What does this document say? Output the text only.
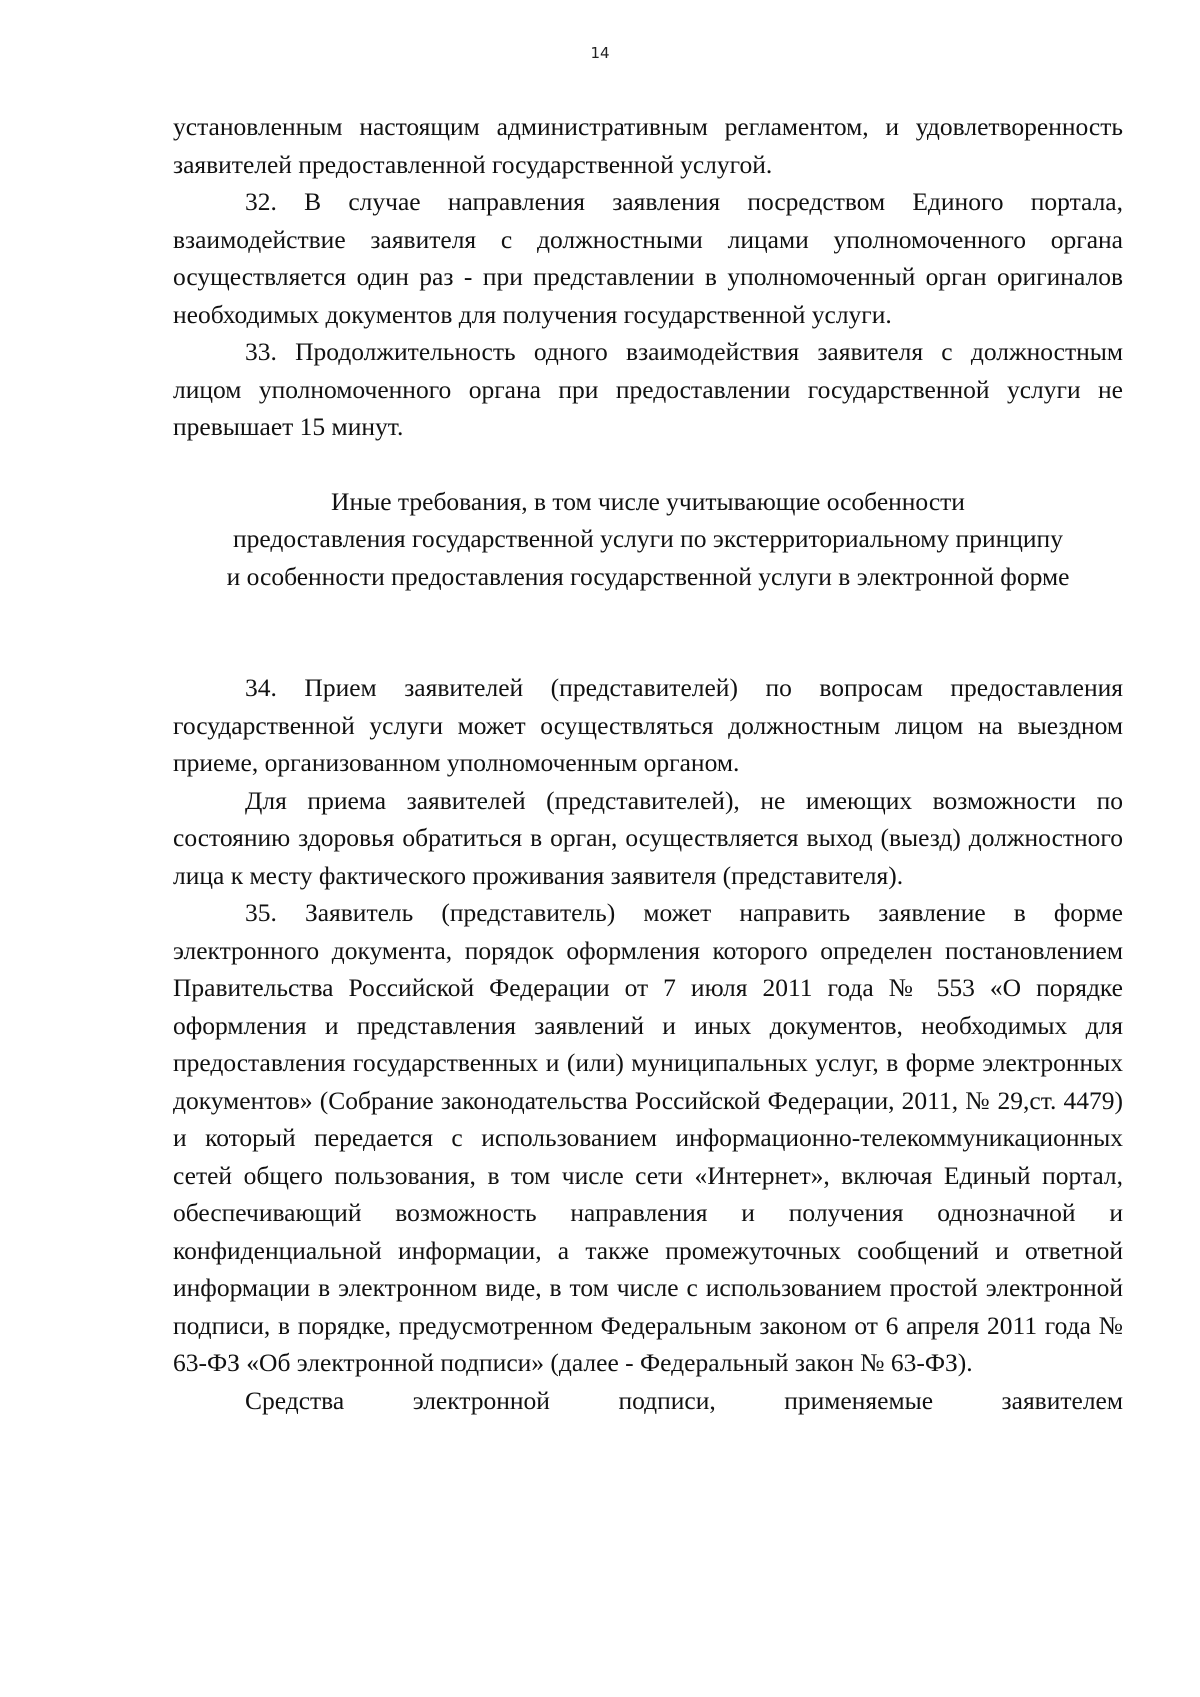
14

установленным настоящим административным регламентом, и удовлетворенность заявителей предоставленной государственной услугой.

32. В случае направления заявления посредством Единого портала, взаимодействие заявителя с должностными лицами уполномоченного органа осуществляется один раз - при представлении в уполномоченный орган оригиналов необходимых документов для получения государственной услуги.

33. Продолжительность одного взаимодействия заявителя с должностным лицом уполномоченного органа при предоставлении государственной услуги не превышает 15 минут.

Иные требования, в том числе учитывающие особенности
предоставления государственной услуги по экстерриториальному принципу
и особенности предоставления государственной услуги в электронной форме

34. Прием заявителей (представителей) по вопросам предоставления государственной услуги может осуществляться должностным лицом на выездном приеме, организованном уполномоченным органом.

Для приема заявителей (представителей), не имеющих возможности по состоянию здоровья обратиться в орган, осуществляется выход (выезд) должностного лица к месту фактического проживания заявителя (представителя).

35. Заявитель (представитель) может направить заявление в форме электронного документа, порядок оформления которого определен постановлением Правительства Российской Федерации от 7 июля 2011 года № 553 «О порядке оформления и представления заявлений и иных документов, необходимых для предоставления государственных и (или) муниципальных услуг, в форме электронных документов» (Собрание законодательства Российской Федерации, 2011, № 29,ст. 4479) и который передается с использованием информационно-телекоммуникационных сетей общего пользования, в том числе сети «Интернет», включая Единый портал, обеспечивающий возможность направления и получения однозначной и конфиденциальной информации, а также промежуточных сообщений и ответной информации в электронном виде, в том числе с использованием простой электронной подписи, в порядке, предусмотренном Федеральным законом от 6 апреля 2011 года № 63-ФЗ «Об электронной подписи» (далее - Федеральный закон № 63-ФЗ).

Средства электронной подписи, применяемые заявителем
